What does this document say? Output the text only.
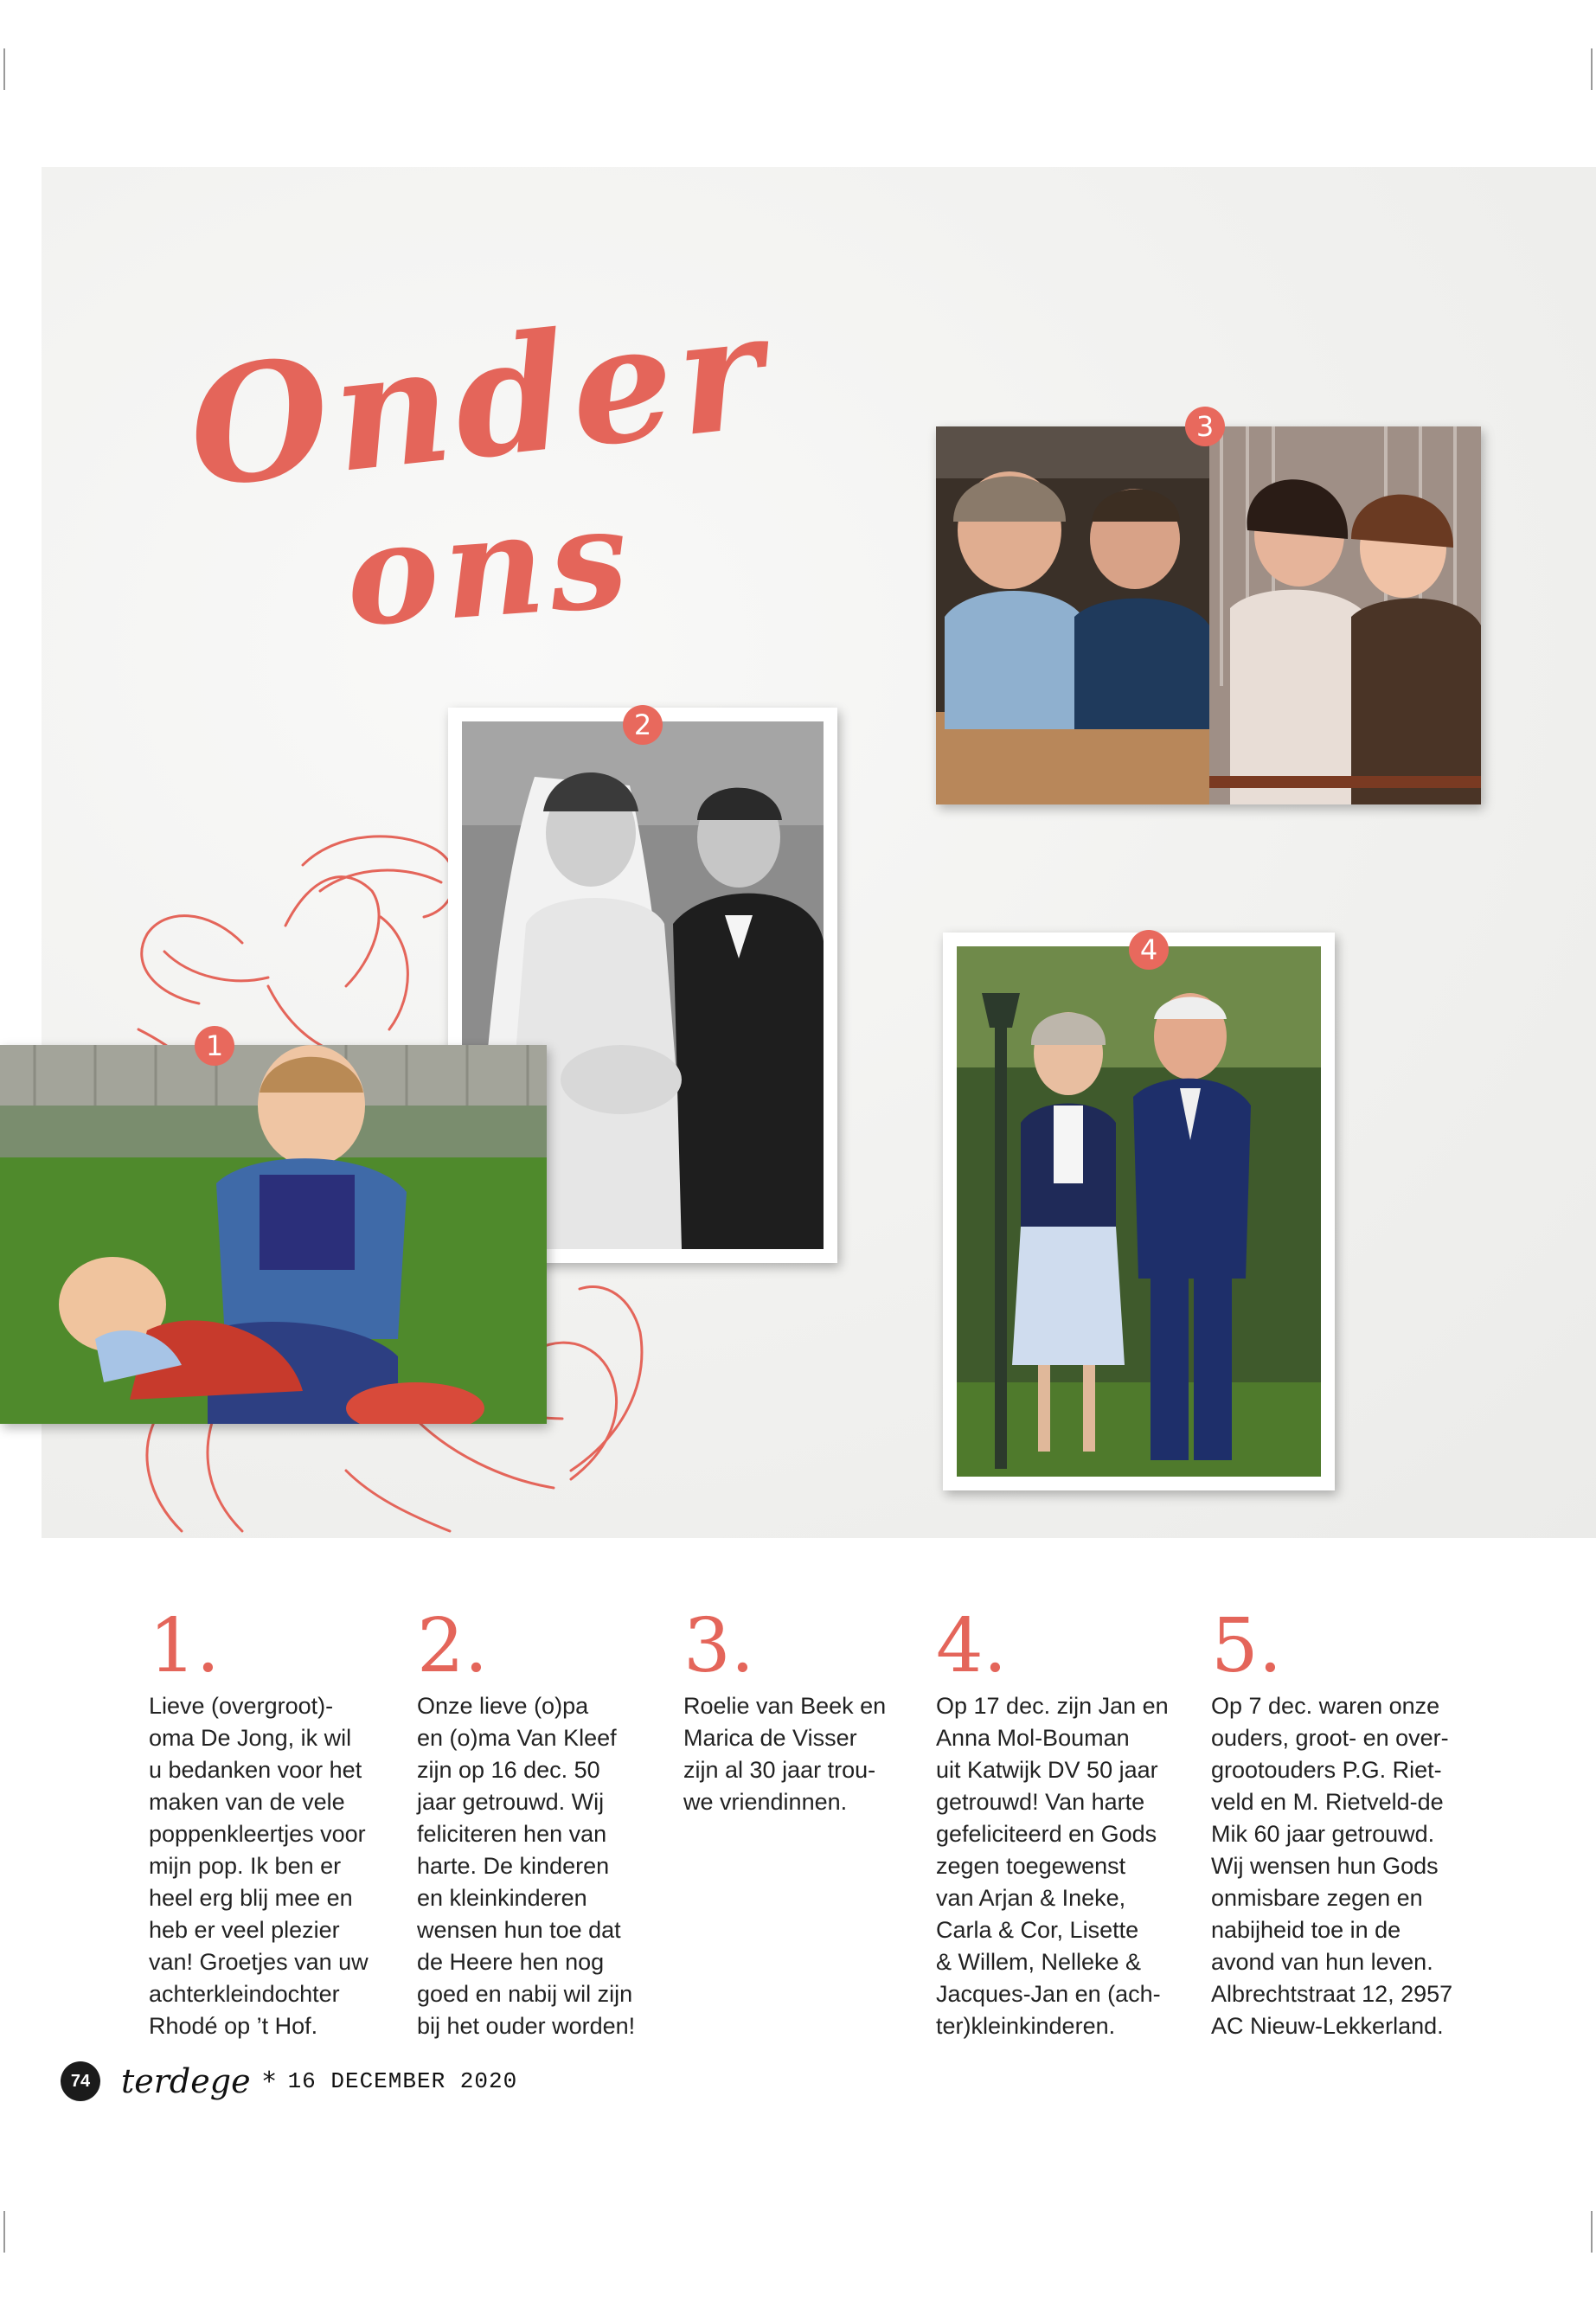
Onder
ons
2
1
3
4
1.
Lieve (overgroot)-
oma De Jong, ik wil
u bedanken voor het
maken van de vele
poppenkleertjes voor
mijn pop. Ik ben er
heel erg blij mee en
heb er veel plezier
van! Groetjes van uw
achterkleindochter
Rhodé op ’t Hof.
2.
Onze lieve (o)pa
en (o)ma Van Kleef
zijn op 16 dec. 50
jaar getrouwd. Wij
feliciteren hen van
harte. De kinderen
en kleinkinderen
wensen hun toe dat
de Heere hen nog
goed en nabij wil zijn
bij het ouder worden!
3.
Roelie van Beek en
Marica de Visser
zijn al 30 jaar trou-
we vriendinnen.
4.
Op 17 dec. zijn Jan en
Anna Mol-Bouman
uit Katwijk DV 50 jaar
getrouwd! Van harte
gefeliciteerd en Gods
zegen toegewenst
van Arjan & Ineke,
Carla & Cor, Lisette
& Willem, Nelleke &
Jacques-Jan en (ach-
ter)kleinkinderen.
5.
Op 7 dec. waren onze
ouders, groot- en over-
grootouders P.G. Riet-
veld en M. Rietveld-de
Mik 60 jaar getrouwd.
Wij wensen hun Gods
onmisbare zegen en
nabijheid toe in de
avond van hun leven.
Albrechtstraat 12, 2957
AC Nieuw-Lekkerland.
74 terdege * 16 DECEMBER 2020
